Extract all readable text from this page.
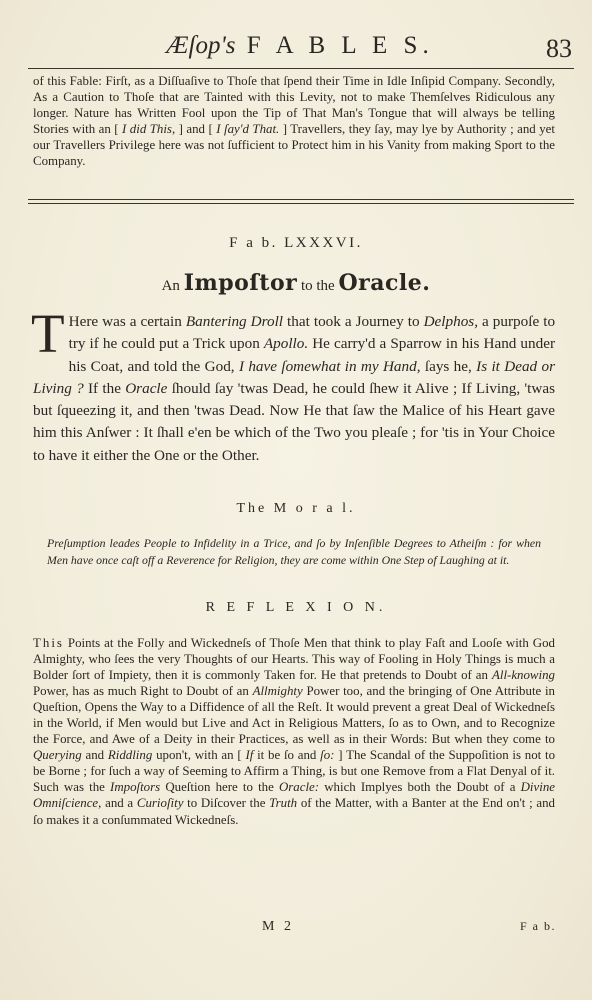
Æſop's F A B L E S.	83
of this Fable: Firſt, as a Diſſuaſive to Thoſe that ſpend their Time in Idle Inſipid Company. Secondly, As a Caution to Thoſe that are Tainted with this Levity, not to make Themſelves Ridiculous any longer. Nature has Written Fool upon the Tip of That Man's Tongue that will always be telling Stories with an [ I did This, ] and [ I ſay'd That. ] Travellers, they ſay, may lye by Authority ; and yet our Travellers Privilege here was not ſufficient to Protect him in his Vanity from making Sport to the Company.
F a b. LXXXVI.
An Impoſtor to the Oracle.
T Here was a certain Bantering Droll that took a Journey to Delphos, a purpoſe to try if he could put a Trick upon Apollo. He carry'd a Sparrow in his Hand under his Coat, and told the God, I have ſomewhat in my Hand, ſays he, Is it Dead or Living ? If the Oracle ſhould ſay 'twas Dead, he could ſhew it Alive ; If Living, 'twas but ſqueezing it, and then 'twas Dead. Now He that ſaw the Malice of his Heart gave him this Anſwer : It ſhall e'en be which of the Two you pleaſe ; for 'tis in Your Choice to have it either the One or the Other.
The M o r a l.
Preſumption leades People to Infidelity in a Trice, and ſo by Inſenſible Degrees to Atheiſm : for when Men have once caſt off a Reverence for Religion, they are come within One Step of Laughing at it.
R E F L E X I O N.
This Points at the Folly and Wickedneſs of Thoſe Men that think to play Faſt and Looſe with God Almighty, who ſees the very Thoughts of our Hearts. This way of Fooling in Holy Things is much a Bolder ſort of Impiety, then it is commonly Taken for. He that pretends to Doubt of an All-knowing Power, has as much Right to Doubt of an Allmighty Power too, and the bringing of One Attribute in Queſtion, Opens the Way to a Diffidence of all the Reſt. It would prevent a great Deal of Wickedneſs in the World, if Men would but Live and Act in Religious Matters, ſo as to Own, and to Recognize the Force, and Awe of a Deity in their Practices, as well as in their Words: But when they come to Querying and Riddling upon't, with an [ If it be ſo and ſo: ] The Scandal of the Suppoſition is not to be Borne ; for ſuch a way of Seeming to Affirm a Thing, is but one Remove from a Flat Denyal of it. Such was the Impoſtors Queſtion here to the Oracle: which Implyes both the Doubt of a Divine Omniſcience, and a Curioſity to Diſcover the Truth of the Matter, with a Banter at the End on't ; and ſo makes it a conſummated Wickedneſs.
M 2	F a b.
